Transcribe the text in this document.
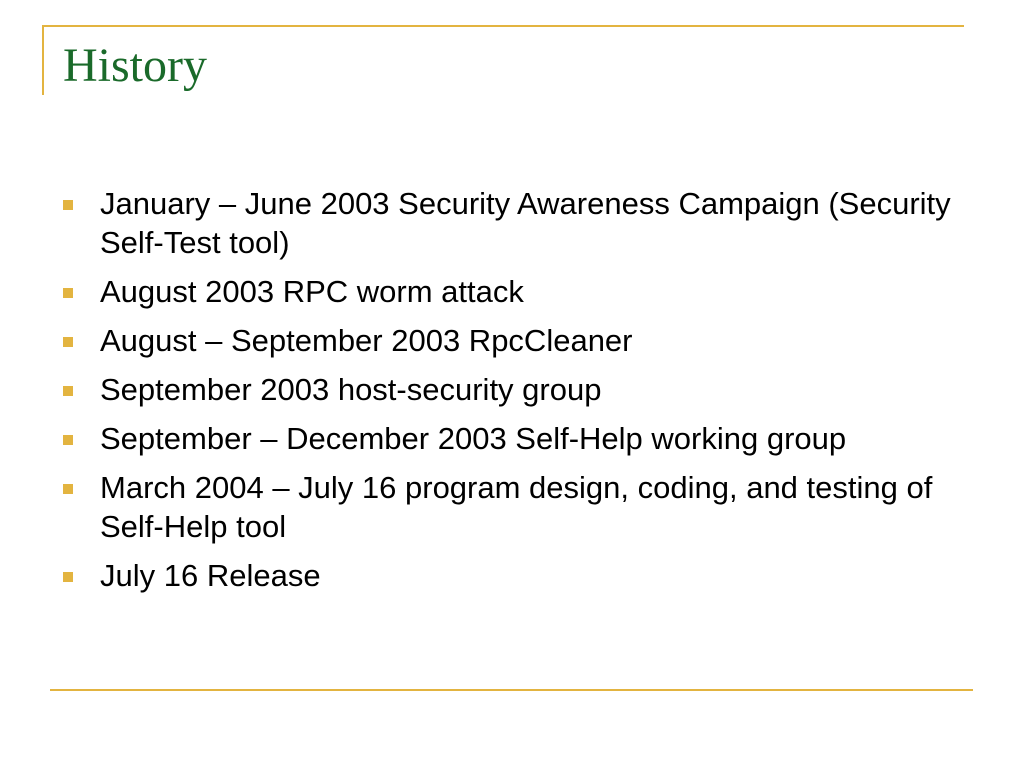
History
January – June 2003 Security Awareness Campaign (Security Self-Test tool)
August 2003 RPC worm attack
August – September 2003 RpcCleaner
September 2003 host-security group
September – December 2003 Self-Help working group
March 2004 – July 16 program design, coding, and testing of Self-Help tool
July 16 Release
